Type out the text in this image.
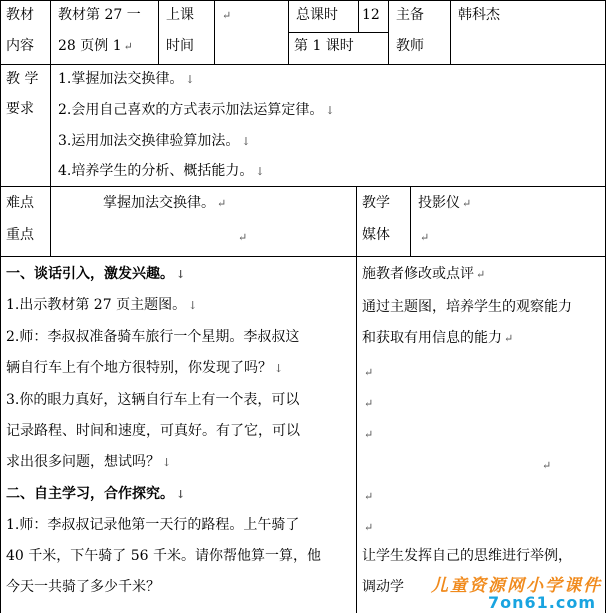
教材
内容
教材第 27 一
28 页例 1 ↵
上课
时间
↵	总课时 12
第 1 课时
主备
教师
韩科杰
教 学
要求
1.掌握加法交换律。 ↓
2.会用自己喜欢的方式表示加法运算定律。 ↓
3.运用加法交换律验算加法。 ↓
4.培养学生的分析、概括能力。 ↓
难点
重点
掌握加法交换律。 ↵
↵
教学
媒体
投影仪 ↵
↵
一、谈话引入，激发兴趣。 ↓
1.出示教材第 27 页主题图。 ↓
2.师：李叔叔准备骑车旅行一个星期。李叔叔这
辆自行车上有个地方很特别，你发现了吗？ ↓
3.你的眼力真好，这辆自行车上有一个表，可以
记录路程、时间和速度，可真好。有了它，可以
求出很多问题，想试吗？ ↓
二、自主学习，合作探究。 ↓
1.师：李叔叔记录他第一天行的路程。上午骑了
40 千米，下午骑了 56 千米。请你帮他算一算，他
今天一共骑了多少千米？
施教者修改或点评 ↵
通过主题图，培养学生的观察能力
和获取有用信息的能力 ↵
↵
↵
↵
↵
↵
↵
让学生发挥自己的思维进行举例，
调动学	儿童资源网小学课件
7on61.com
